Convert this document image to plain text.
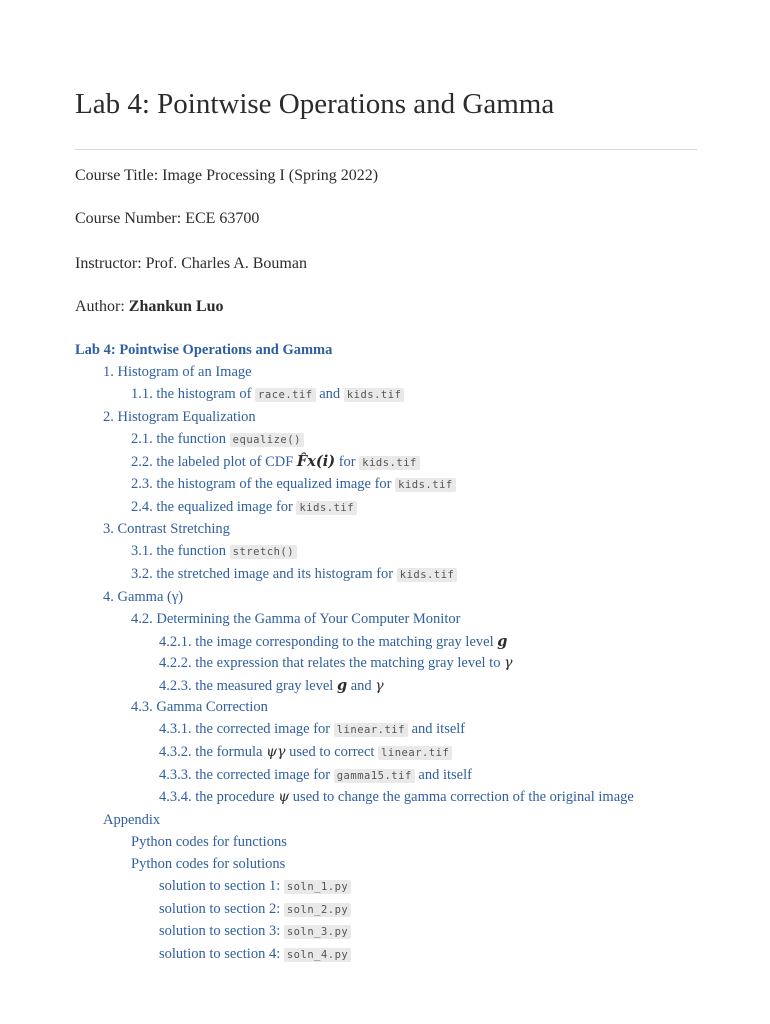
Lab 4: Pointwise Operations and Gamma
Course Title: Image Processing I (Spring 2022)
Course Number: ECE 63700
Instructor: Prof. Charles A. Bouman
Author: Zhankun Luo
Lab 4: Pointwise Operations and Gamma
1. Histogram of an Image
1.1. the histogram of race.tif and kids.tif
2. Histogram Equalization
2.1. the function equalize()
2.2. the labeled plot of CDF F̂x(i) for kids.tif
2.3. the histogram of the equalized image for kids.tif
2.4. the equalized image for kids.tif
3. Contrast Stretching
3.1. the function stretch()
3.2. the stretched image and its histogram for kids.tif
4. Gamma (γ)
4.2. Determining the Gamma of Your Computer Monitor
4.2.1. the image corresponding to the matching gray level g
4.2.2. the expression that relates the matching gray level to γ
4.2.3. the measured gray level g and γ
4.3. Gamma Correction
4.3.1. the corrected image for linear.tif and itself
4.3.2. the formula ψγ used to correct linear.tif
4.3.3. the corrected image for gamma15.tif and itself
4.3.4. the procedure ψ used to change the gamma correction of the original image
Appendix
Python codes for functions
Python codes for solutions
solution to section 1: soln_1.py
solution to section 2: soln_2.py
solution to section 3: soln_3.py
solution to section 4: soln_4.py
